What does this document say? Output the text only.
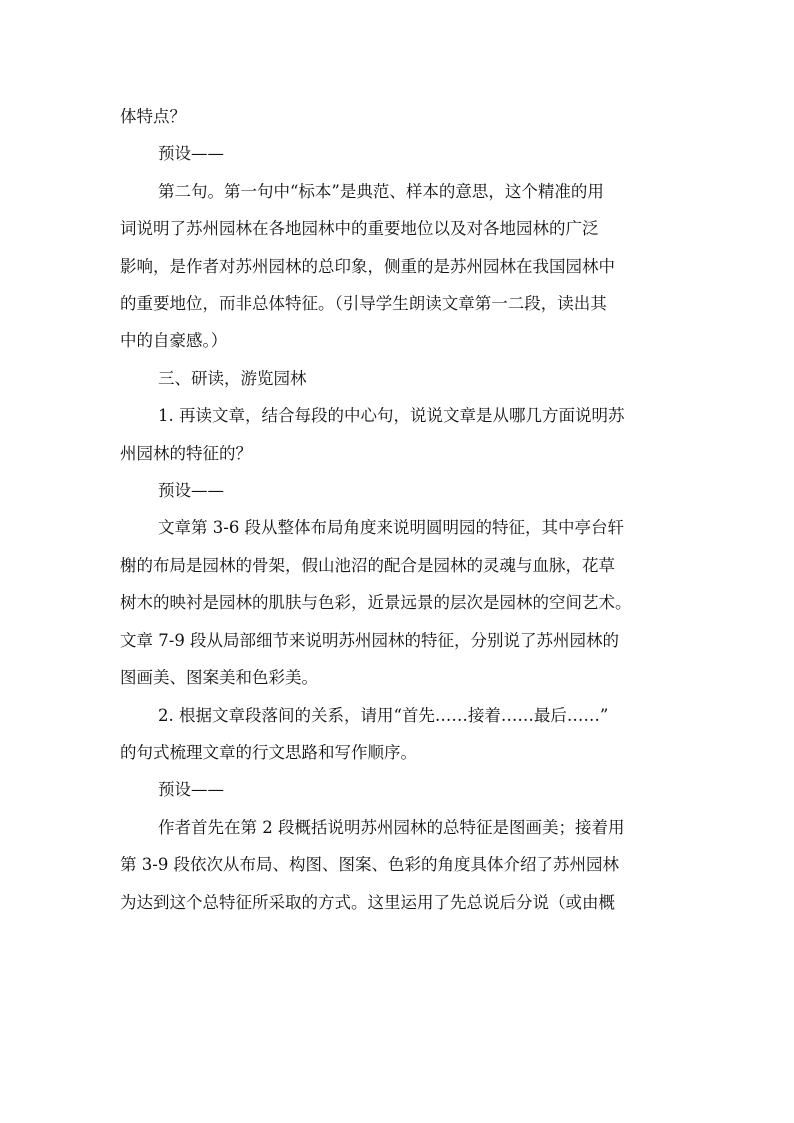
体特点？
预设——
第二句。第一句中“标本”是典范、样本的意思，这个精准的用
词说明了苏州园林在各地园林中的重要地位以及对各地园林的广泛
影响，是作者对苏州园林的总印象，侧重的是苏州园林在我国园林中
的重要地位，而非总体特征。（引导学生朗读文章第一二段，读出其
中的自豪感。）
三、研读，游览园林
1. 再读文章，结合每段的中心句，说说文章是从哪几方面说明苏
州园林的特征的？
预设——
文章第 3-6 段从整体布局角度来说明圆明园的特征，其中亭台轩
榭的布局是园林的骨架，假山池沼的配合是园林的灵魂与血脉，花草
树木的映衬是园林的肌肤与色彩，近景远景的层次是园林的空间艺术。
文章 7-9 段从局部细节来说明苏州园林的特征，分别说了苏州园林的
图画美、图案美和色彩美。
2. 根据文章段落间的关系，请用“首先……接着……最后……”
的句式梳理文章的行文思路和写作顺序。
预设——
作者首先在第 2 段概括说明苏州园林的总特征是图画美；接着用
第 3-9 段依次从布局、构图、图案、色彩的角度具体介绍了苏州园林
为达到这个总特征所采取的方式。这里运用了先总说后分说（或由概
